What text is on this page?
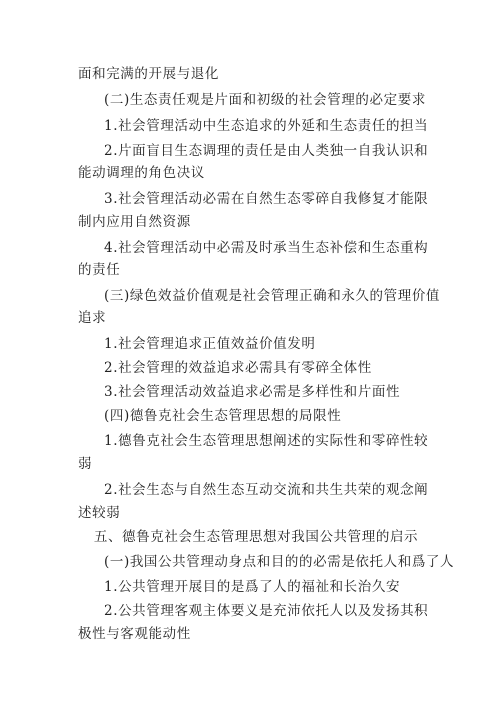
面和完满的开展与退化
(二)生态责任观是片面和初级的社会管理的必定要求
1.社会管理活动中生态追求的外延和生态责任的担当
2.片面盲目生态调理的责任是由人类独一自我认识和
能动调理的角色决议
3.社会管理活动必需在自然生态零碎自我修复才能限
制内应用自然资源
4.社会管理活动中必需及时承当生态补偿和生态重构
的责任
(三)绿色效益价值观是社会管理正确和永久的管理价值
追求
1.社会管理追求正值效益价值发明
2.社会管理的效益追求必需具有零碎全体性
3.社会管理活动效益追求必需是多样性和片面性
(四)德鲁克社会生态管理思想的局限性
1.德鲁克社会生态管理思想阐述的实际性和零碎性较
弱
2.社会生态与自然生态互动交流和共生共荣的观念阐
述较弱
五、德鲁克社会生态管理思想对我国公共管理的启示
(一)我国公共管理动身点和目的的必需是依托人和爲了人
1.公共管理开展目的是爲了人的福祉和长治久安
2.公共管理客观主体要义是充沛依托人以及发扬其积
极性与客观能动性
